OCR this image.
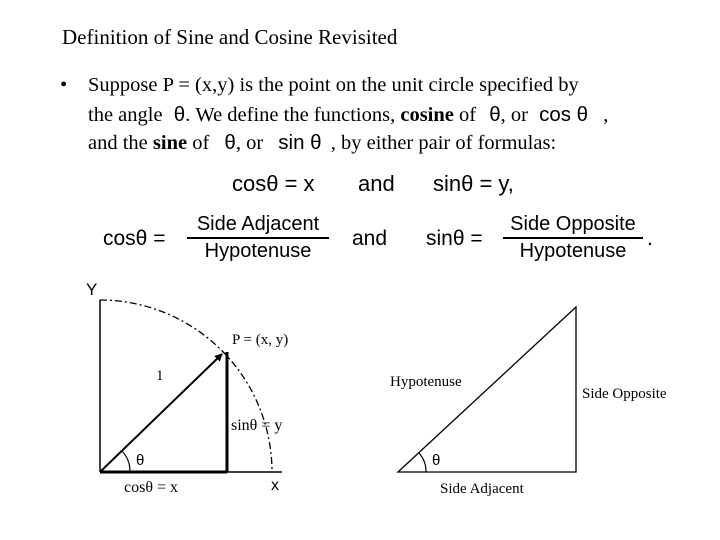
Definition of Sine and Cosine Revisited
• Suppose P = (x,y) is the point on the unit circle specified by
the angle θ. We define the functions, cosine of θ, or cos θ ,
and the sine of θ, or sin θ , by either pair of formulas:
cosθ = x and sinθ = y,
cosθ =
Side Adjacent
Hypotenuse
and sinθ =
Side Opposite
Hypotenuse
.
Y
x
P = (x, y)
1
θ
sinθ = y
cosθ = x
Hypotenuse
Side Opposite
Side Adjacent
θ
